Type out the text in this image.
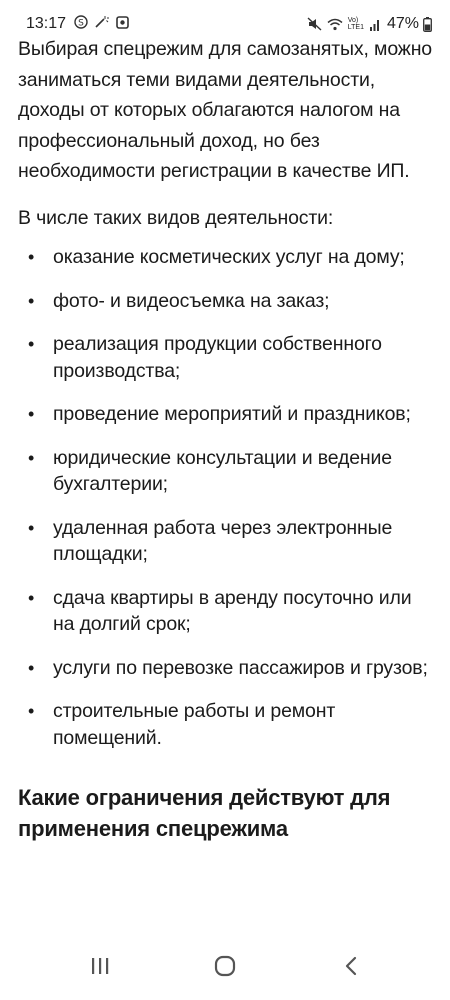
13:17 S	Vo)
LTE1 47%

Выбирая спецрежим для самозанятых, можно заниматься теми видами деятельности, доходы от которых облагаются налогом на профессиональный доход, но без необходимости регистрации в качестве ИП.

В числе таких видов деятельности:

• оказание косметических услуг на дому;
• фото- и видеосъемка на заказ;
• реализация продукции собственного производства;
• проведение мероприятий и праздников;
• юридические консультации и ведение бухгалтерии;
• удаленная работа через электронные площадки;
• сдача квартиры в аренду посуточно или на долгий срок;
• услуги по перевозке пассажиров и грузов;
• строительные работы и ремонт помещений.
Какие ограничения действуют для применения спецрежима
